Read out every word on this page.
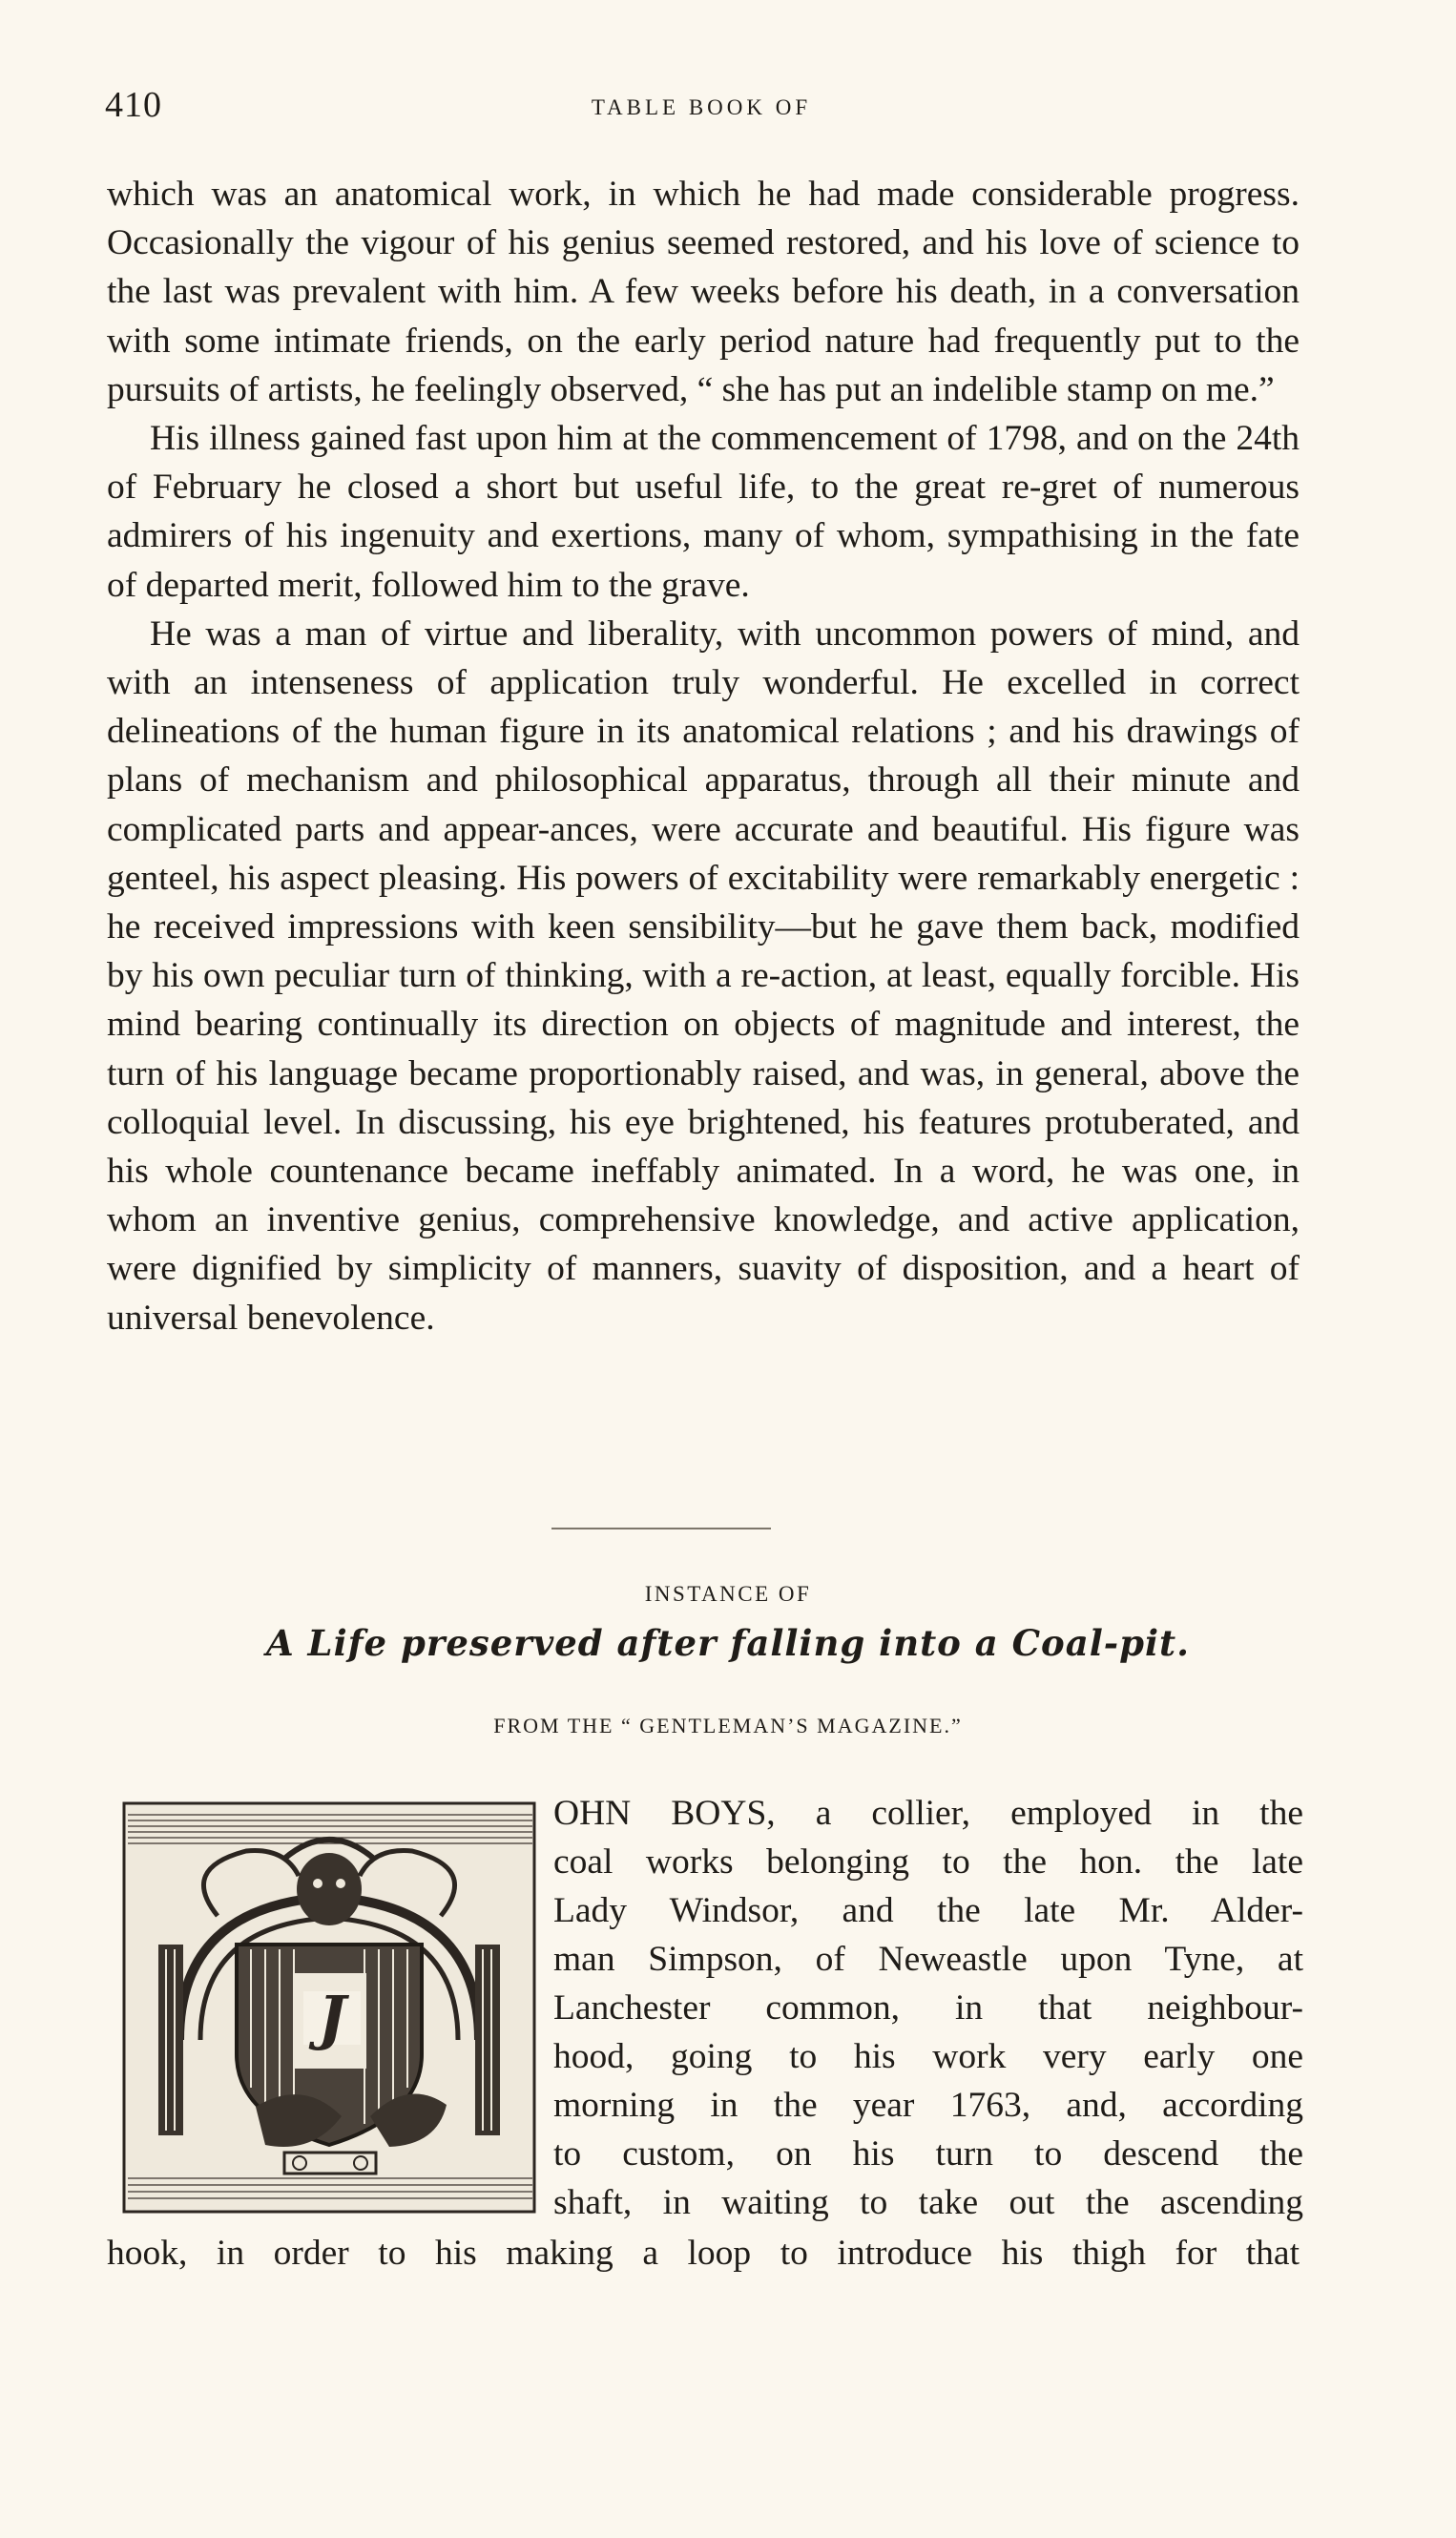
410	TABLE BOOK OF

which was an anatomical work, in which he had made considerable progress. Occasionally the vigour of his genius seemed restored, and his love of science to the last was prevalent with him. A few weeks before his death, in a conversation with some intimate friends, on the early period nature had frequently put to the pursuits of artists, he feelingly observed, “ she has put an indelible stamp on me.”

His illness gained fast upon him at the commencement of 1798, and on the 24th of February he closed a short but useful life, to the great re-gret of numerous admirers of his ingenuity and exertions, many of whom, sympathising in the fate of departed merit, followed him to the grave.

He was a man of virtue and liberality, with uncommon powers of mind, and with an intenseness of application truly wonderful. He excelled in correct delineations of the human figure in its anatomical relations ; and his drawings of plans of mechanism and philosophical apparatus, through all their minute and complicated parts and appear-ances, were accurate and beautiful. His figure was genteel, his aspect pleasing. His powers of excitability were remarkably energetic : he received impressions with keen sensibility—but he gave them back, modified by his own peculiar turn of thinking, with a re-action, at least, equally forcible. His mind bearing continually its direction on objects of magnitude and interest, the turn of his language became proportionably raised, and was, in general, above the colloquial level. In discussing, his eye brightened, his features protuberated, and his whole countenance became ineffably animated. In a word, he was one, in whom an inventive genius, comprehensive knowledge, and active application, were dignified by simplicity of manners, suavity of disposition, and a heart of universal benevolence.

INSTANCE OF
A Life preserved after falling into a Coal-pit.
FROM THE “ GENTLEMAN’S MAGAZINE.”
J
OHN BOYS, a collier, employed in the
coal works belonging to the hon. the late
Lady Windsor, and the late Mr. Alder-
man Simpson, of Neweastle upon Tyne, at
Lanchester common, in that neighbour-
hood, going to his work very early one
morning in the year 1763, and, according
to custom, on his turn to descend the
shaft, in waiting to take out the ascending
hook, in order to his making a loop to introduce his thigh for that
